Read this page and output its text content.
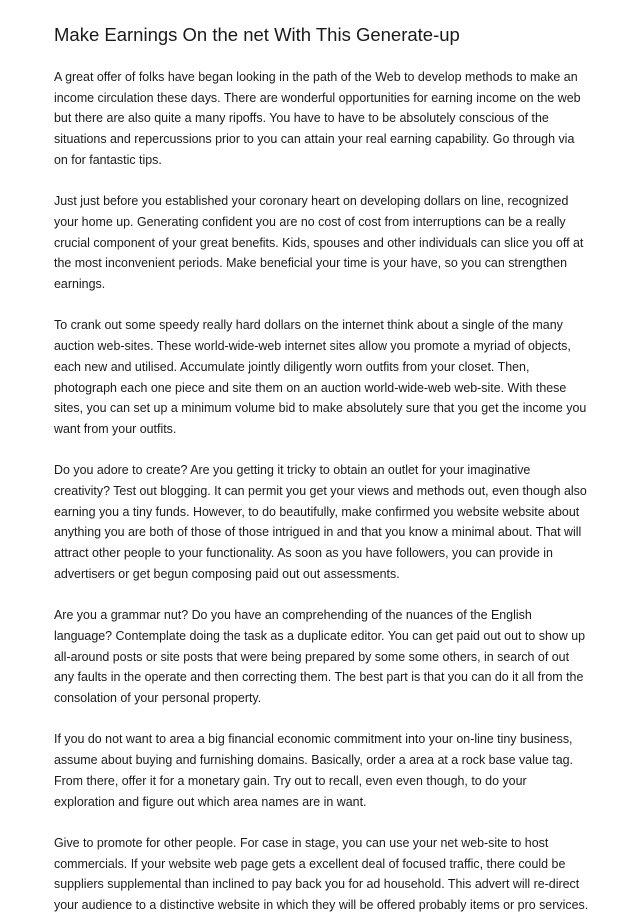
Make Earnings On the net With This Generate-up

A great offer of folks have began looking in the path of the Web to develop methods to make an income circulation these days. There are wonderful opportunities for earning income on the web but there are also quite a many ripoffs. You have to have to be absolutely conscious of the situations and repercussions prior to you can attain your real earning capability. Go through via on for fantastic tips.

Just just before you established your coronary heart on developing dollars on line, recognized your home up. Generating confident you are no cost of cost from interruptions can be a really crucial component of your great benefits. Kids, spouses and other individuals can slice you off at the most inconvenient periods. Make beneficial your time is your have, so you can strengthen earnings.

To crank out some speedy really hard dollars on the internet think about a single of the many auction web-sites. These world-wide-web internet sites allow you promote a myriad of objects, each new and utilised. Accumulate jointly diligently worn outfits from your closet. Then, photograph each one piece and site them on an auction world-wide-web web-site. With these sites, you can set up a minimum volume bid to make absolutely sure that you get the income you want from your outfits.

Do you adore to create? Are you getting it tricky to obtain an outlet for your imaginative creativity? Test out blogging. It can permit you get your views and methods out, even though also earning you a tiny funds. However, to do beautifully, make confirmed you website website about anything you are both of those of those intrigued in and that you know a minimal about. That will attract other people to your functionality. As soon as you have followers, you can provide in advertisers or get begun composing paid out out assessments.

Are you a grammar nut? Do you have an comprehending of the nuances of the English language? Contemplate doing the task as a duplicate editor. You can get paid out out to show up all-around posts or site posts that were being prepared by some some others, in search of out any faults in the operate and then correcting them. The best part is that you can do it all from the consolation of your personal property.

If you do not want to area a big financial economic commitment into your on-line tiny business, assume about buying and furnishing domains. Basically, order a area at a rock base value tag. From there, offer it for a monetary gain. Try out to recall, even even though, to do your exploration and figure out which area names are in want.

Give to promote for other people. For case in stage, you can use your net web-site to host commercials. If your website web page gets a excellent deal of focused traffic, there could be suppliers supplemental than inclined to pay back you for ad household. This advert will re-direct your audience to a distinctive website in which they will be offered probably items or pro services.
